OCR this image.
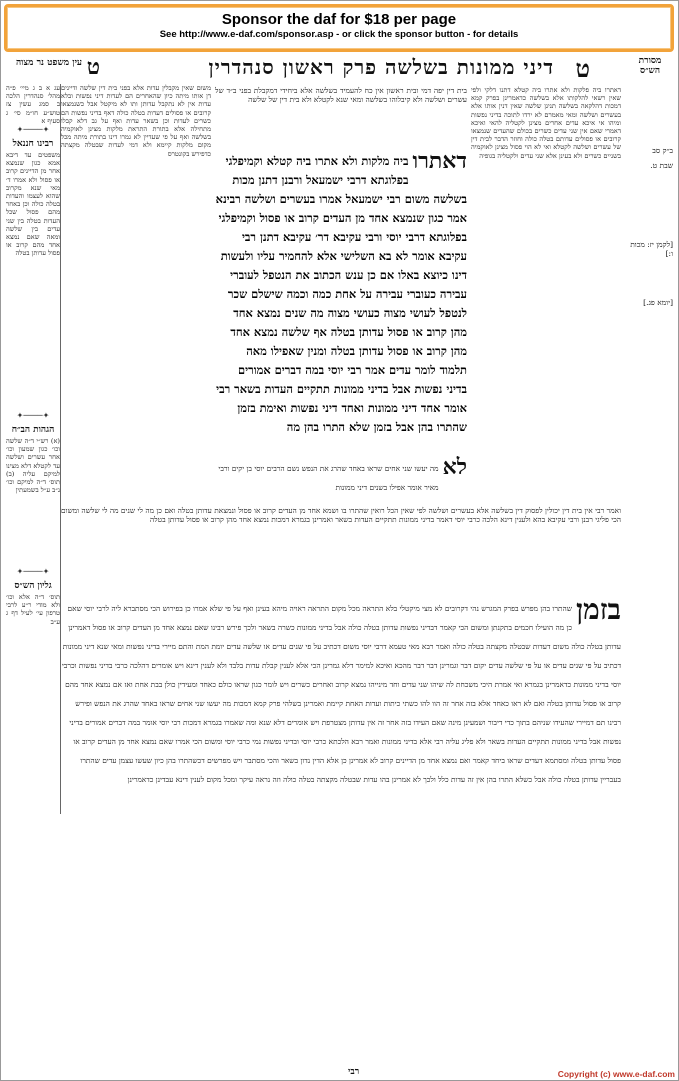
Sponsor the daf for $18 per page
See http://www.e-daf.com/sponsor.asp - or click the sponsor button - for details
מסורת הש״ס
ט
דיני ממונות בשלשה פרק ראשון סנהדרין
ט
עין משפט נר מצוה
ב״ק סב
שבת ט.
[לקמן יז: מכות ו:]
[יומא פג.]
דאתרו ביה פלקות ולא אתרו ביה קטלא דתנו דלקי ולפי שאין רשאי להלקותו אלא בשלשה כדאמרינן בפרק קמא דמכות דהלקאה בשלשה תנינן שלשה שאין דנין אותו אלא בעשרים ושלשה ומאי מאמרם לא ירדו לתוכה בדיני נפשות ומיהו אי איכא עדים אחרים מצינן לקטליה להאי ואיכא דאמרי שאם אין שני עדים כשרים בכולם שהעדים שנמצאו קרובים או פסולים עדותם בטלה כולה וחוזר הדבר לבית דין של עשרים ושלשה לקטלא ואי לא הוי פסול מצינן לאוקמיה בשניים כשרים ולא בעינן אלא שני עדים ולקטליה בגופיה
משום שאין מקבלין עדות אלא בפני בית דין שלשה ודיינים דן אותו מיתה כיון שהאחרים הם לעדות דיני נפשות ובלא עדות אין לא נתקבל עדותן ותו לא מיקטל אבל כשנמצאו קרובים או פסולים דעדות בטלה כולה דאף בדיני נפשות הם כשרים לעדות וכן בשאר עדות ואף על גב דלא קבלו מתחילה אלא בתורת התראת מלקות מצינן לאוקמיה בשלשה ואף על פי שעדיין לא גמרו דינו בתורת מיתה מכל מקום מלקות קיימא ולא דמי לעדות שבטלה מקצתה כדפירש בקונטרס
עג א ב ג מיי׳ פ״ה מהל׳ סנהדרין הלכה ב סמג עשין צז טוש״ע חו״מ סי׳ ג סעיף א
✦────✦
רבינו חננאל
משפטים עד דיבא אמא כגון שנמצא אחר מן הדיינים קרוב או פסול ולא אמרו ד׳ מאי שנא מקרוב שהוא לעצמו והעדות בטלה כולה וכן באחר מהם פסול שכל העדות בטלה בין שני עדים בין שלשה ומאה שאם נמצא אחד מהם קרוב או פסול עדותן בטלה
✦────✦
הגהות הב״ח
(א) רש״י ד״ה שלשה וכו׳ כגון שמעון וכו׳ אחר עשרים ושלשה עד לקטלא דלא מצינו למיקם עליה (ב) תוס׳ ד״ה למיקם וכו׳ נ״ב ע״ל בשמעתין
✦────✦
גליון הש״ס
תוס׳ ד״ה אלא וכו׳ ולא מודי ר״ע לרבי טרפון עי׳ לעיל דף ג ע״ב
בית דין יפה דמי ובית ראשון אין כח להעמיד בשלשה אלא ביחידי דמקבלת בפני ב״ד של עשרים ושלשה ולא קיבלוהו בשלשה ומאי שנא לקטלא ולא בית דין של שלשה
דאתרו
ביה מלקות ולא אתרו ביה קטלא וקמיפלגי בפלוגתא דרבי ישמעאל ורבנן דתנן מכות בשלשה משום רבי ישמעאל אמרו בעשרים ושלשה רבינא אמר כגון שנמצא אחד מן העדים קרוב או פסול וקמיפלגי בפלוגתא דרבי יוסי ורבי עקיבא דר׳ עקיבא דתנן רבי עקיבא אומר לא בא השלישי אלא להחמיר עליו ולעשות דינו כיוצא באלו אם כן ענש הכתוב את הנטפל לעוברי עבירה כעוברי עבירה על אחת כמה וכמה שישלם שכר לנטפל לעושי מצוה כעושי מצוה מה שנים נמצא אחד מהן קרוב או פסול עדותן בטלה אף שלשה נמצא אחד מהן קרוב או פסול עדותן בטלה ומנין שאפילו מאה תלמוד לומר עדים אמר רבי יוסי במה דברים אמורים בדיני נפשות אבל בדיני ממונות תתקיים העדות בשאר רבי אומר אחד דיני ממונות ואחד דיני נפשות ואימת בזמן שהתרו בהן אבל בזמן שלא התרו בהן מה
לא
מה יעשו שני אחים שראו באחד שהרג את הנפש נשם הרבים יוסי בן יקים ורבי מאיר אומר אפילו בשנים דיני ממונות
ואמר רבי אין בית דין יכולין לפסוק דין בשלשה אלא בעשרים ושלשה לפי שאין הכל רואין שהתרו בו ושמא אחד מן העדים קרוב או פסול ונמצאת עדותן בטלה ואם כן מה לי שנים מה לי שלשה ומשום הכי פליגי רבנן ורבי עקיבא בהא ולענין דינא הלכה כרבי יוסי דאמר בדיני ממונות תתקיים העדות בשאר ואמרינן בגמרא דמכות נמצא אחד מהן קרוב או פסול עדותן בטלה
בזמן
שהתרו בהן מפרש בפרק המגרש נהי דקרובים לא מצי מיקטלי בלא התראה מכל מקום התראה ראויה מיהא בעינן ואף על פי שלא אמרו כן בפירוש הכי מסתברא ליה לרבי יוסי שאם כן מה הועילו חכמים בתקנתן ומשום הכי קאמר דבדיני נפשות עדותן בטלה כולה אבל בדיני ממונות כשרה בשאר ולכך פירש רבינו שאם נמצא אחד מן העדים קרוב או פסול דאמרינן עדותן בטלה כולה משום דעדות שבטלה מקצתה בטלה כולה ואמר רבא מאי טעמא דרבי יוסי משום דכתיב על פי שנים עדים או שלשה עדים יומת המת והתם מיירי בדיני נפשות ומאי שנא דיני ממונות דכתיב על פי שנים עדים או על פי שלשה עדים יקום דבר וגמרינן דבר דבר מהכא ואיכא למימר דלא גמרינן הכי אלא לענין קבלת עדות בלבד ולא לענין דינא ויש אומרים דהלכה כרבי בדיני נפשות וכרבי יוסי בדיני ממונות כדאמרינן בגמרא ואי אמרת היכי משכחת לה שיהו שני עדים וחד מינייהו נמצא קרוב ואחרים כשרים ויש לומר כגון שראו כולם כאחד ומעידין כולן בבת אחת ואז אם נמצא אחד מהם קרוב או פסול עדותן בטלה ואם לא ראו כאחד אלא בזה אחר זה הוו להו כשתי כיתות ועדות האחת קיימת ואמרינן בשלהי פרק קמא דמכות מה יעשו שני אחים שראו באחד שהרג את הנפש ופירש רבינו תם דמיירי שהעידו שניהם בתוך כדי דיבור ושמעינן מינה שאם העידו בזה אחר זה אין עדותן מצטרפת ויש אומרים דלא שנא ומה שאמרו בגמרא דמכות רבי יוסי אומר במה דברים אמורים בדיני נפשות אבל בדיני ממונות תתקיים העדות בשאר ולא פליג עליה רבי אלא בדיני ממונות ואמר רבא הלכתא כרבי יוסי ובדיני נפשות נמי כרבי יוסי ומשום הכי אמרו שאם נמצא אחד מן העדים קרוב או פסול עדותן בטלה ומסתמא דעדים שראו ביחד קאמר ואם נמצא אחד מן הדיינים קרוב לא אמרינן כן אלא הדין נדון בשאר והכי מסתבר ויש מפרשים דכשהתרו בהן כיון שעשו עצמן עדים שהתרו בעבריין עדותן בטלה כולה אבל כשלא התרו בהן אין זה עדות כלל ולכך לא אמרינן בהו עדות שבטלה מקצתה בטלה כולה וזה נראה עיקר ומכל מקום לענין דינא עבדינן כדאמרינן
רבי	Copyright (c) www.e-daf.com
